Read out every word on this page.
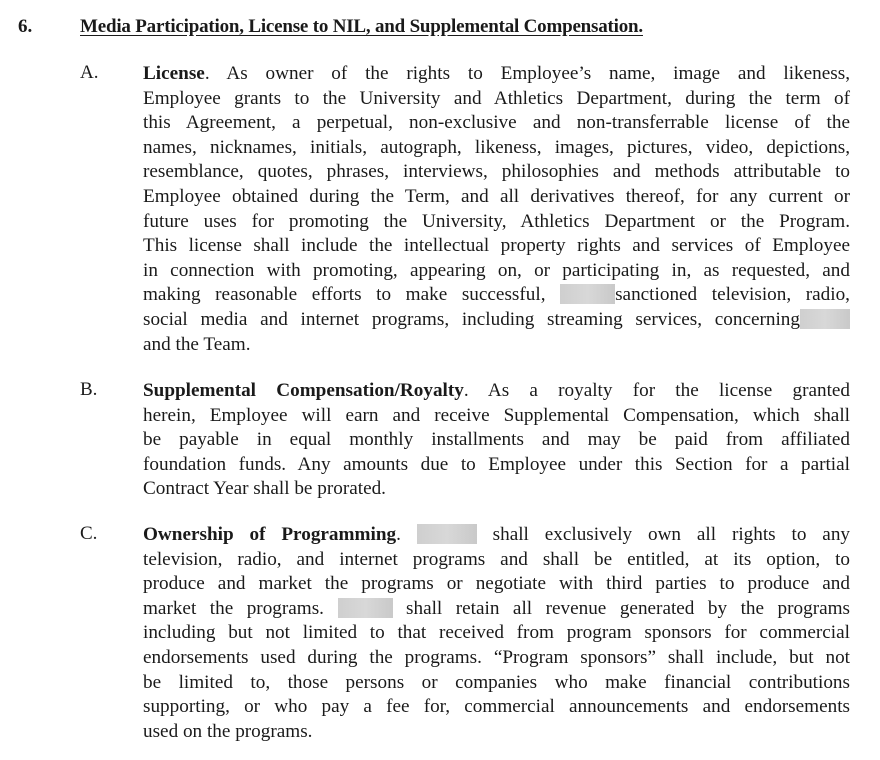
6.	Media Participation, License to NIL, and Supplemental Compensation.
A. License. As owner of the rights to Employee’s name, image and likeness,
Employee grants to the University and Athletics Department, during the term of
this Agreement, a perpetual, non-exclusive and non-transferrable license of the
names, nicknames, initials, autograph, likeness, images, pictures, video, depictions,
resemblance, quotes, phrases, interviews, philosophies and methods attributable to
Employee obtained during the Term, and all derivatives thereof, for any current or
future uses for promoting the University, Athletics Department or the Program.
This license shall include the intellectual property rights and services of Employee
in connection with promoting, appearing on, or participating in, as requested, and
making reasonable efforts to make successful,	sanctioned television, radio,
social media and internet programs, including streaming services, concerning
and the Team.
B. Supplemental Compensation/Royalty. As a royalty for the license granted
herein, Employee will earn and receive Supplemental Compensation, which shall
be payable in equal monthly installments and may be paid from affiliated
foundation funds. Any amounts due to Employee under this Section for a partial
Contract Year shall be prorated.
C. Ownership of Programming.	shall exclusively own all rights to any
television, radio, and internet programs and shall be entitled, at its option, to
produce and market the programs or negotiate with third parties to produce and
market the programs.	shall retain all revenue generated by the programs
including but not limited to that received from program sponsors for commercial
endorsements used during the programs. “Program sponsors” shall include, but not
be limited to, those persons or companies who make financial contributions
supporting, or who pay a fee for, commercial announcements and endorsements
used on the programs.
